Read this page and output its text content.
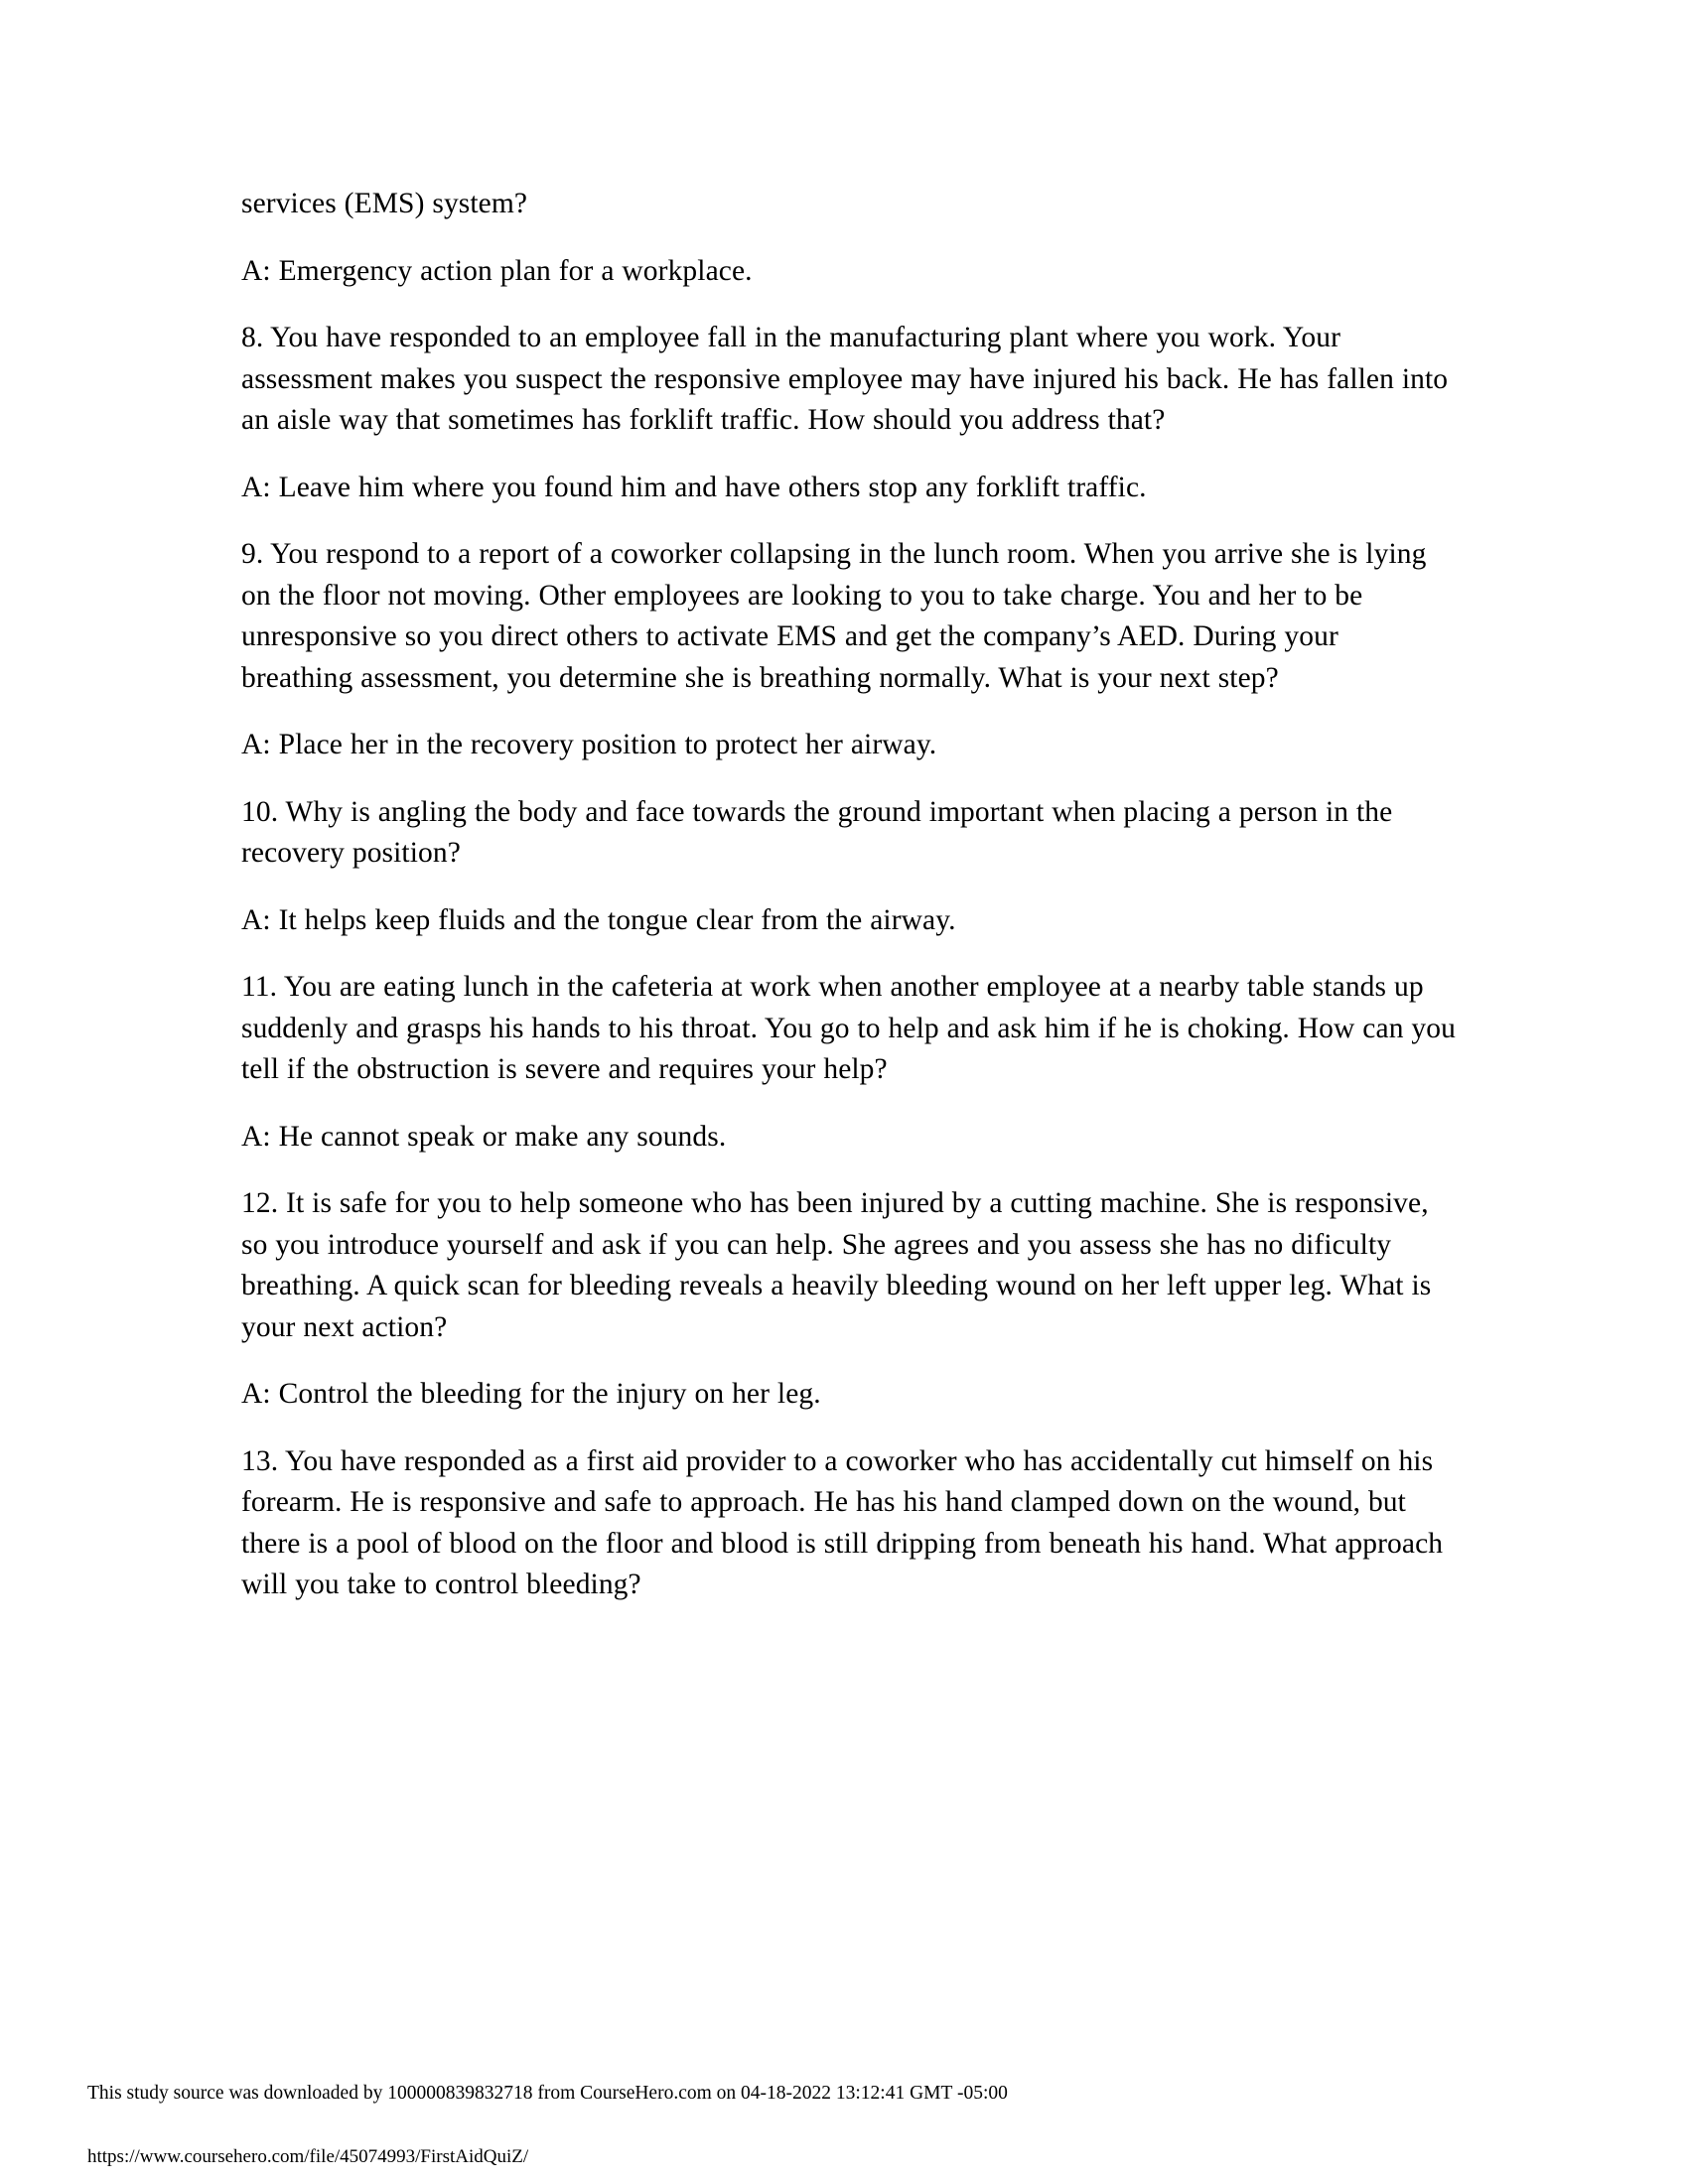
services (EMS) system?

A: Emergency action plan for a workplace.

8. You have responded to an employee fall in the manufacturing plant where you work. Your assessment makes you suspect the responsive employee may have injured his back. He has fallen into an aisle way that sometimes has forklift traffic. How should you address that?

A: Leave him where you found him and have others stop any forklift traffic.

9. You respond to a report of a coworker collapsing in the lunch room. When you arrive she is lying on the floor not moving. Other employees are looking to you to take charge. You and her to be unresponsive so you direct others to activate EMS and get the company’s AED. During your breathing assessment, you determine she is breathing normally. What is your next step?

A: Place her in the recovery position to protect her airway.

10. Why is angling the body and face towards the ground important when placing a person in the recovery position?

A: It helps keep fluids and the tongue clear from the airway.

11. You are eating lunch in the cafeteria at work when another employee at a nearby table stands up suddenly and grasps his hands to his throat. You go to help and ask him if he is choking. How can you tell if the obstruction is severe and requires your help?

A: He cannot speak or make any sounds.

12. It is safe for you to help someone who has been injured by a cutting machine. She is responsive, so you introduce yourself and ask if you can help. She agrees and you assess she has no dificulty breathing. A quick scan for bleeding reveals a heavily bleeding wound on her left upper leg. What is your next action?

A: Control the bleeding for the injury on her leg.

13. You have responded as a first aid provider to a coworker who has accidentally cut himself on his forearm. He is responsive and safe to approach. He has his hand clamped down on the wound, but there is a pool of blood on the floor and blood is still dripping from beneath his hand. What approach will you take to control bleeding?

This study source was downloaded by 100000839832718 from CourseHero.com on 04-18-2022 13:12:41 GMT -05:00
https://www.coursehero.com/file/45074993/FirstAidQuiZ/
